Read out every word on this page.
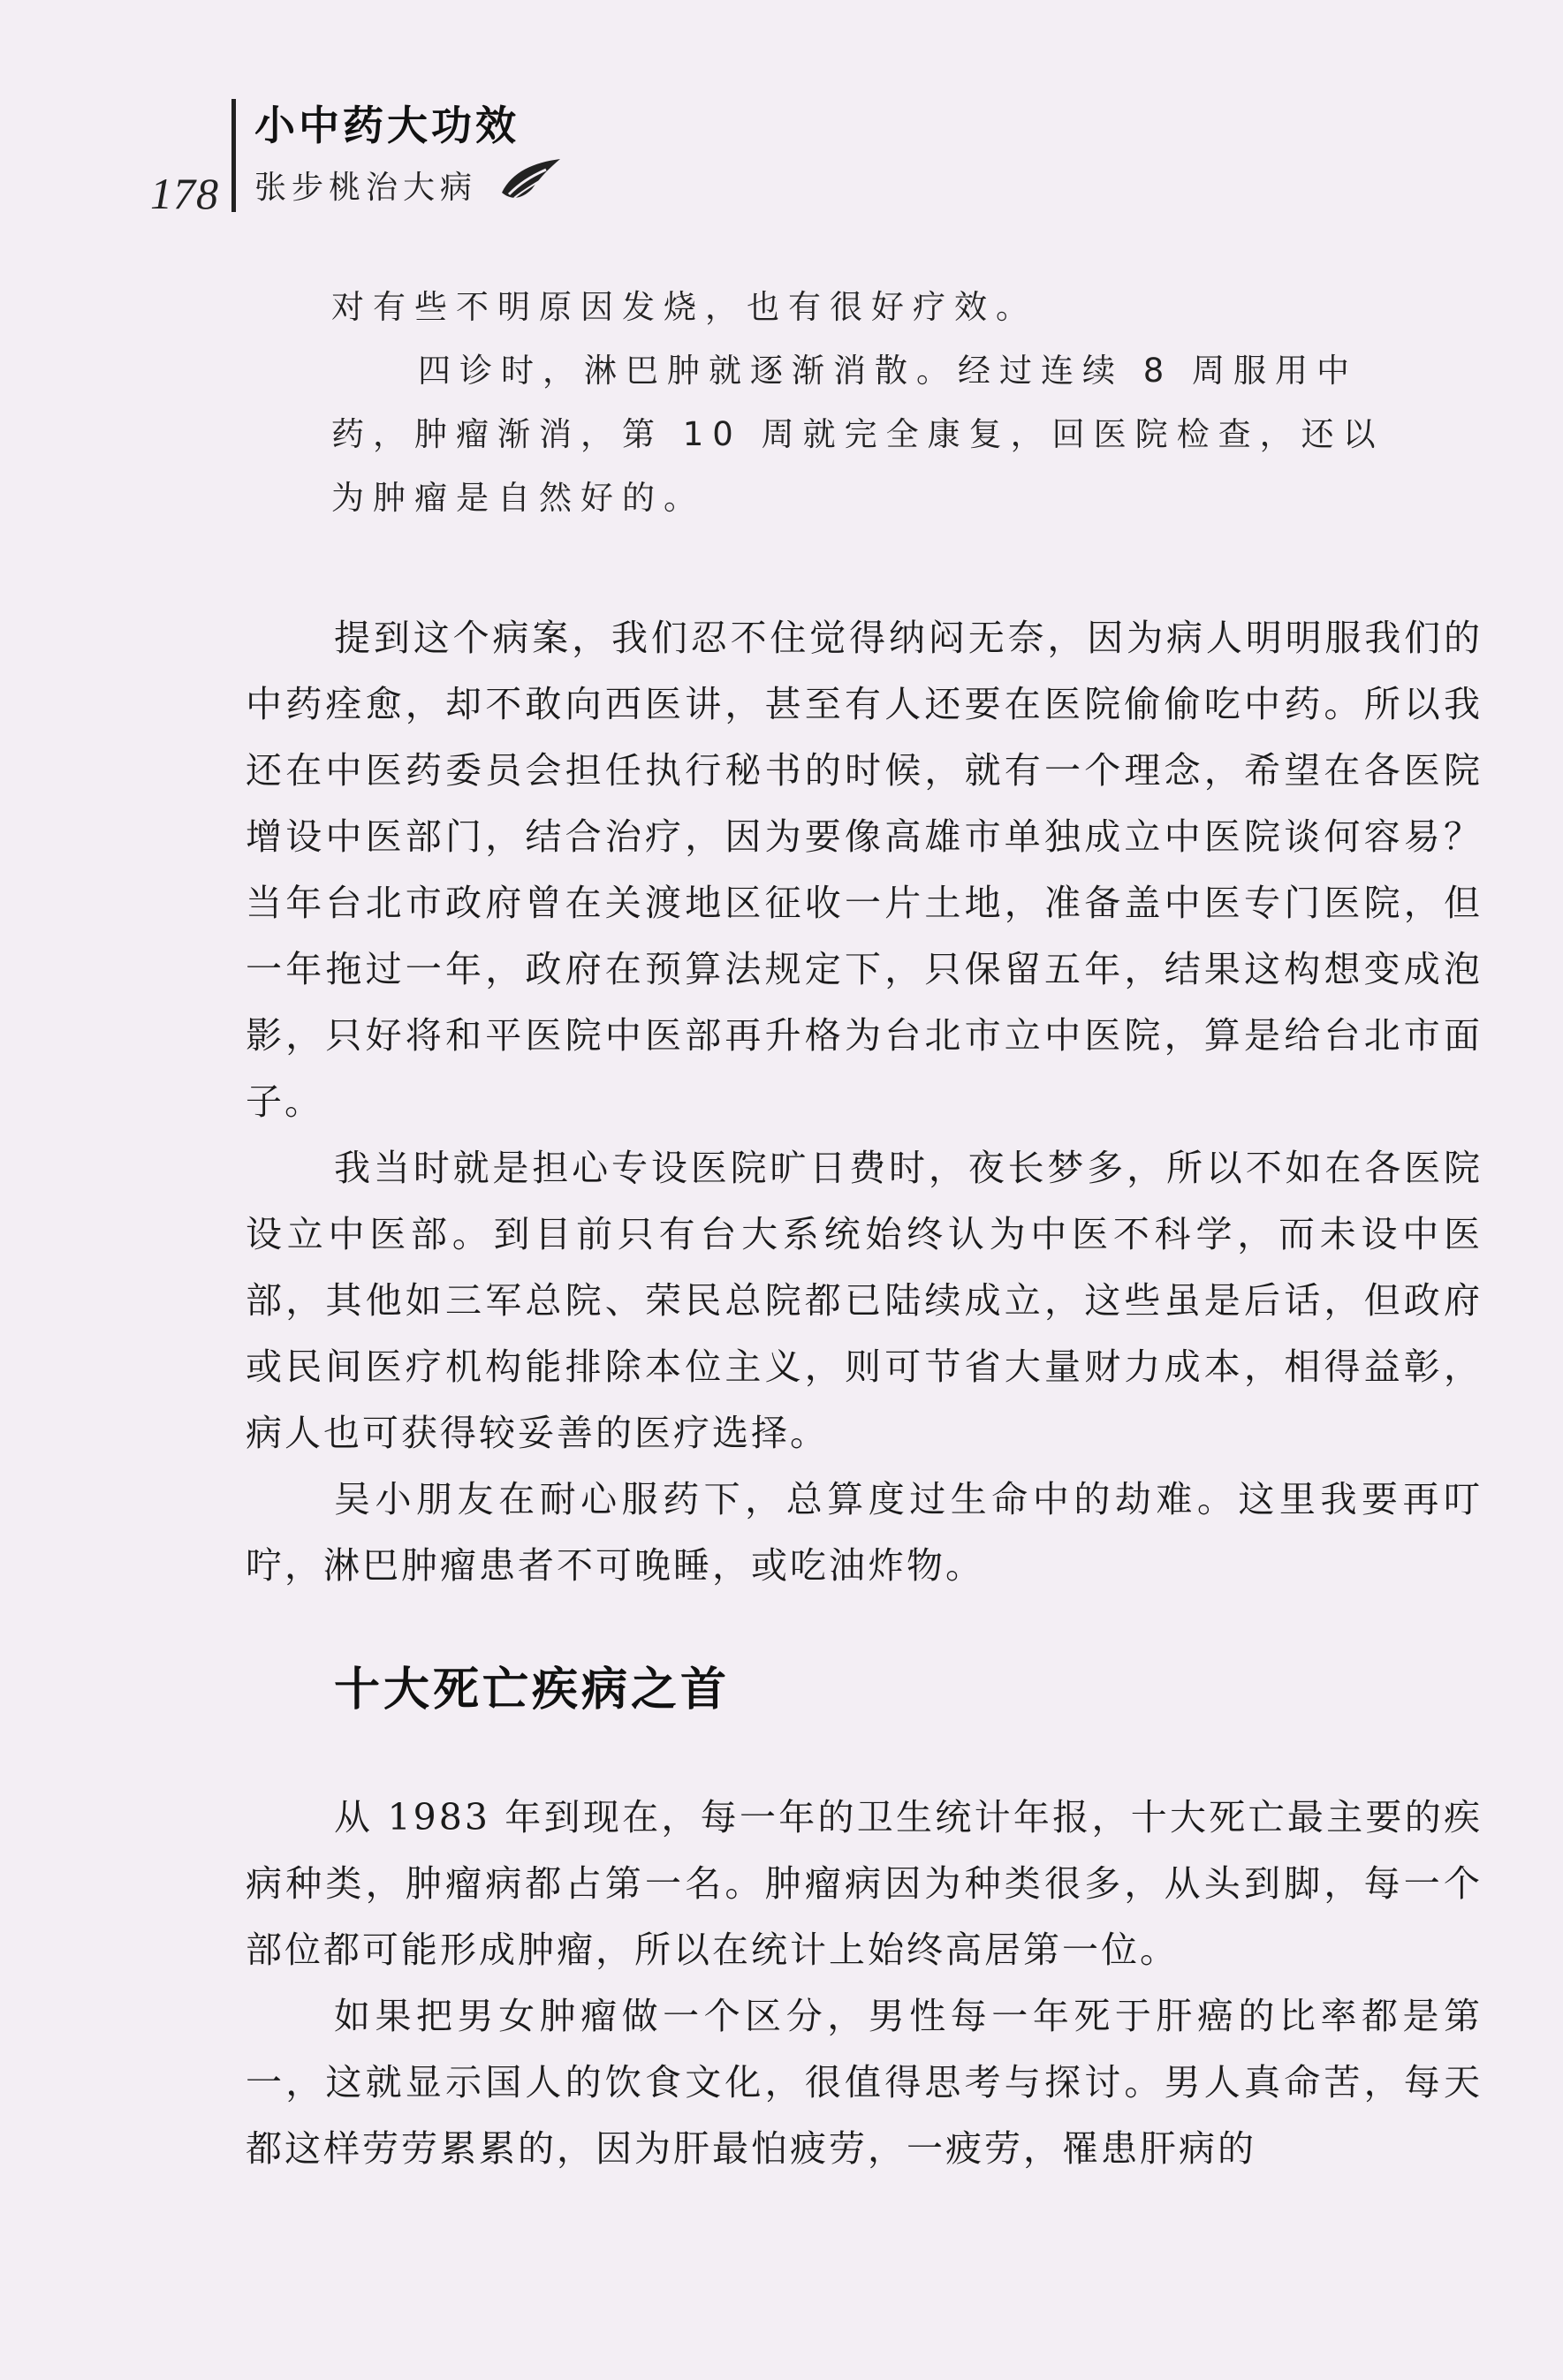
178
小中药大功效
张步桃治大病

对有些不明原因发烧，也有很好疗效。

四诊时，淋巴肿就逐渐消散。经过连续 8 周服用中药，肿瘤渐消，第 10 周就完全康复，回医院检查，还以为肿瘤是自然好的。

提到这个病案，我们忍不住觉得纳闷无奈，因为病人明明服我们的中药痊愈，却不敢向西医讲，甚至有人还要在医院偷偷吃中药。所以我还在中医药委员会担任执行秘书的时候，就有一个理念，希望在各医院增设中医部门，结合治疗，因为要像高雄市单独成立中医院谈何容易？当年台北市政府曾在关渡地区征收一片土地，准备盖中医专门医院，但一年拖过一年，政府在预算法规定下，只保留五年，结果这构想变成泡影，只好将和平医院中医部再升格为台北市立中医院，算是给台北市面子。

我当时就是担心专设医院旷日费时，夜长梦多，所以不如在各医院设立中医部。到目前只有台大系统始终认为中医不科学，而未设中医部，其他如三军总院、荣民总院都已陆续成立，这些虽是后话，但政府或民间医疗机构能排除本位主义，则可节省大量财力成本，相得益彰，病人也可获得较妥善的医疗选择。

吴小朋友在耐心服药下，总算度过生命中的劫难。这里我要再叮咛，淋巴肿瘤患者不可晚睡，或吃油炸物。

十大死亡疾病之首

从 1983 年到现在，每一年的卫生统计年报，十大死亡最主要的疾病种类，肿瘤病都占第一名。肿瘤病因为种类很多，从头到脚，每一个部位都可能形成肿瘤，所以在统计上始终高居第一位。

如果把男女肿瘤做一个区分，男性每一年死于肝癌的比率都是第一，这就显示国人的饮食文化，很值得思考与探讨。男人真命苦，每天都这样劳劳累累的，因为肝最怕疲劳，一疲劳，罹患肝病的
